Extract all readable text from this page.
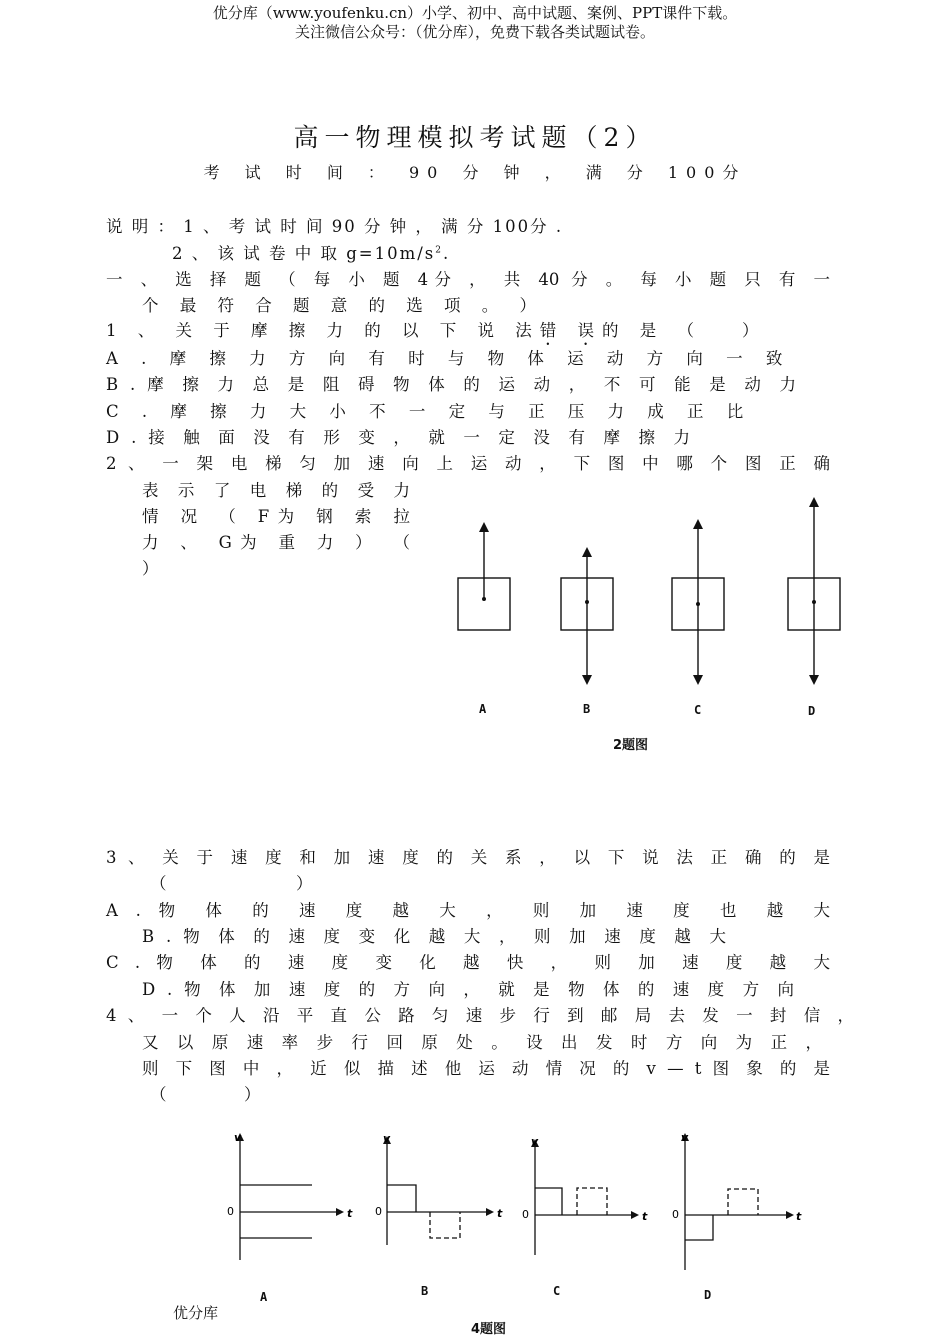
优分库（www.youfenku.cn）小学、初中、高中试题、案例、PPT课件下载。
关注微信公众号：（优分库），免费下载各类试题试卷。
高一物理模拟考试题（2）
考 试 时 间 ： 90 分 钟 ， 满 分 100分
说 明 ： 1 、 考 试 时 间 90 分 钟 ， 满 分 100分 .
2 、 该 试 卷 中 取 $g=10m/s^2$.
一 、 选 择 题 （ 每 小 题 4分 ， 共 40 分 。 每 小 题 只 有 一
个 最 符 合 题 意 的 选 项 。 ）
1 、 关 于 摩 擦 力 的 以 下 说 法错 误的 是 （ ）
A . 摩 擦 力 方 向 有 时 与 物 体 运 动 方 向 一 致
B . 摩 擦 力 总 是 阻 碍 物 体 的 运 动 ， 不 可 能 是 动 力
C . 摩 擦 力 大 小 不 一 定 与 正 压 力 成 正 比
D . 接 触 面 没 有 形 变 ， 就 一 定 没 有 摩 擦 力
2 、 一 架 电 梯 匀 加 速 向 上 运 动 ， 下 图 中 哪 个 图 正 确
表 示 了 电 梯 的 受 力
情 况 （ F为 钢 索 拉
力 、 G为 重 力 ） （
）
A	B	C	D
2题图
3 、 关 于 速 度 和 加 速 度 的 关 系 ， 以 下 说 法 正 确 的 是
（	）
A . 物 体 的 速 度 越 大 ， 则 加 速 度 也 越 大
B . 物 体 的 速 度 变 化 越 大 ， 则 加 速 度 越 大
C . 物 体 的 速 度 变 化 越 快 ， 则 加 速 度 越 大
D . 物 体 加 速 度 的 方 向 ， 就 是 物 体 的 速 度 方 向
4 、 一 个 人 沿 平 直 公 路 匀 速 步 行 到 邮 局 去 发 一 封 信 ，
又 以 原 速 率 步 行 回 原 处 。 设 出 发 时 方 向 为 正 ，
则 下 图 中 ， 近 似 描 述 他 运 动 情 况 的 v — t 图 象 的 是
（	）
v
0	t
v
0	t
v
0	t
v
0	t
A	B	C	D
4题图
优分库
